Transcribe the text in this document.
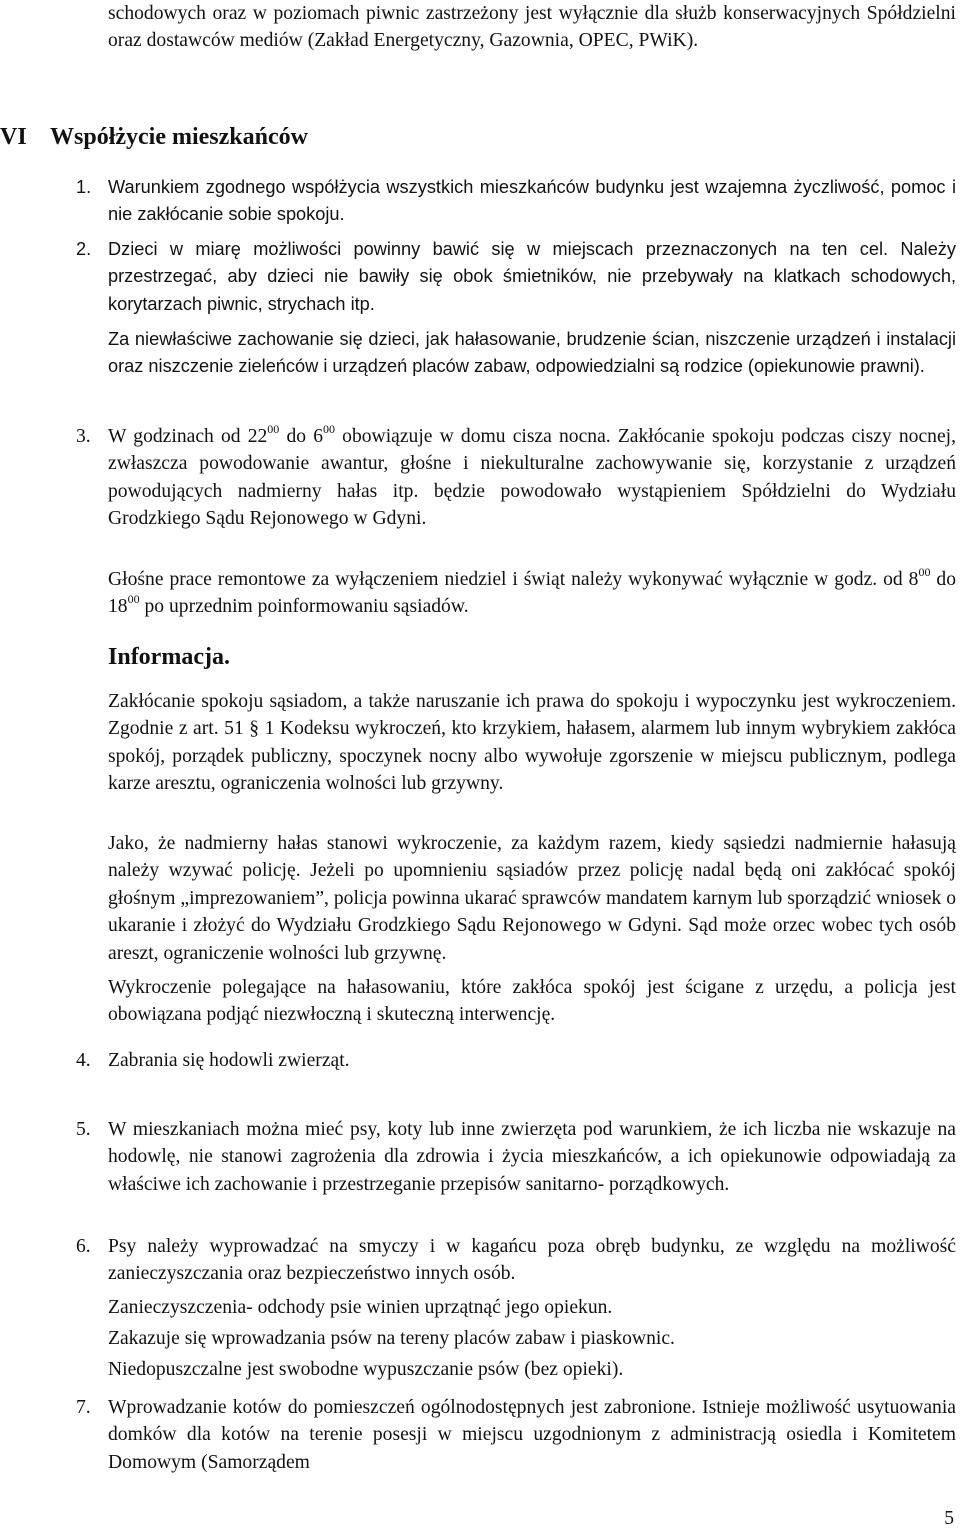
schodowych oraz w poziomach piwnic zastrzeżony jest wyłącznie dla służb konserwacyjnych Spółdzielni oraz dostawców mediów (Zakład Energetyczny, Gazownia, OPEC, PWiK).

VI Współżycie mieszkańców

1. Warunkiem zgodnego współżycia wszystkich mieszkańców budynku jest wzajemna życzliwość, pomoc i nie zakłócanie sobie spokoju.

2. Dzieci w miarę możliwości powinny bawić się w miejscach przeznaczonych na ten cel. Należy przestrzegać, aby dzieci nie bawiły się obok śmietników, nie przebywały na klatkach schodowych, korytarzach piwnic, strychach itp.

Za niewłaściwe zachowanie się dzieci, jak hałasowanie, brudzenie ścian, niszczenie urządzeń i instalacji oraz niszczenie zieleńców i urządzeń placów zabaw, odpowiedzialni są rodzice (opiekunowie prawni).

3. W godzinach od $22^{00}$ do $6^{00}$ obowiązuje w domu cisza nocna. Zakłócanie spokoju podczas ciszy nocnej, zwłaszcza powodowanie awantur, głośne i niekulturalne zachowywanie się, korzystanie z urządzeń powodujących nadmierny hałas itp. będzie powodowało wystąpieniem Spółdzielni do Wydziału Grodzkiego Sądu Rejonowego w Gdyni.

Głośne prace remontowe za wyłączeniem niedziel i świąt należy wykonywać wyłącznie w godz. od $8^{00}$ do $18^{00}$ po uprzednim poinformowaniu sąsiadów.

Informacja.

Zakłócanie spokoju sąsiadom, a także naruszanie ich prawa do spokoju i wypoczynku jest wykroczeniem. Zgodnie z art. 51 § 1 Kodeksu wykroczeń, kto krzykiem, hałasem, alarmem lub innym wybrykiem zakłóca spokój, porządek publiczny, spoczynek nocny albo wywołuje zgorszenie w miejscu publicznym, podlega karze aresztu, ograniczenia wolności lub grzywny.

Jako, że nadmierny hałas stanowi wykroczenie, za każdym razem, kiedy sąsiedzi nadmiernie hałasują należy wzywać policję. Jeżeli po upomnieniu sąsiadów przez policję nadal będą oni zakłócać spokój głośnym „imprezowaniem”, policja powinna ukarać sprawców mandatem karnym lub sporządzić wniosek o ukaranie i złożyć do Wydziału Grodzkiego Sądu Rejonowego w Gdyni. Sąd może orzec wobec tych osób areszt, ograniczenie wolności lub grzywnę.

Wykroczenie polegające na hałasowaniu, które zakłóca spokój jest ścigane z urzędu, a policja jest obowiązana podjąć niezwłoczną i skuteczną interwencję.

4. Zabrania się hodowli zwierząt.

5. W mieszkaniach można mieć psy, koty lub inne zwierzęta pod warunkiem, że ich liczba nie wskazuje na hodowlę, nie stanowi zagrożenia dla zdrowia i życia mieszkańców, a ich opiekunowie odpowiadają za właściwe ich zachowanie i przestrzeganie przepisów sanitarno- porządkowych.

6. Psy należy wyprowadzać na smyczy i w kagańcu poza obręb budynku, ze względu na możliwość zanieczyszczania oraz bezpieczeństwo innych osób.

Zanieczyszczenia- odchody psie winien uprzątnąć jego opiekun.

Zakazuje się wprowadzania psów na tereny placów zabaw i piaskownic.

Niedopuszczalne jest swobodne wypuszczanie psów (bez opieki).

7. Wprowadzanie kotów do pomieszczeń ogólnodostępnych jest zabronione. Istnieje możliwość usytuowania domków dla kotów na terenie posesji w miejscu uzgodnionym z administracją osiedla i Komitetem Domowym (Samorządem

5
